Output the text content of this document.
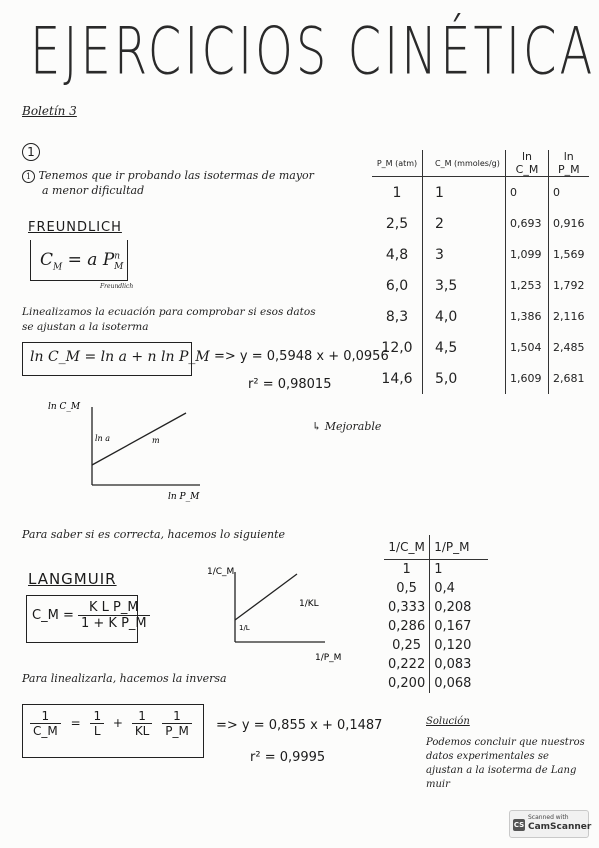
EJERCICIOS CINÉTICA
Boletín 3
1
1 Tenemos que ir probando las isotermas de mayor
a menor dificultad
FREUNDLICH
$C_M = a$ $P^n_M$
Freundlich
Linealizamos la ecuación para comprobar si esos datos
se ajustan a la isoterma
ln C_M = ln a + n ln P_M => y = 0,5948 x + 0,0956
r² = 0,98015
↳ Mejorable
ln C_M
ln P_M
ln a	m
P_M (atm)	C_M (mmoles/g)	ln C_M	ln P_M
1	1	0	0
2,5	2	0,693	0,916
4,8	3	1,099	1,569
6,0	3,5	1,253	1,792
8,3	4,0	1,386	2,116
12,0	4,5	1,504	2,485
14,6	5,0	1,609	2,681
Para saber si es correcta, hacemos lo siguiente
LANGMUIR
C_M = $\frac{\text{K L P\_M}}{\text{1 + K P\_M}}$
Para linealizarla, hacemos la inversa
1/C_M
1/P_M
1/L
1/KL
1/C_M	1/P_M
1	1
0,5	0,4
0,333	0,208
0,286	0,167
0,25	0,120
0,222	0,083
0,200	0,068
$\frac{1}{C\_M} = \frac{1}{L} + \frac{1}{KL}$
$\frac{1}{P\_M} => y = 0,855$ x + 0,1487
r² = 0,9995
Solución
Podemos concluir que nuestros
datos experimentales se
ajustan a la isoterma de Lang
muir
CS
Scanned with
CamScanner
